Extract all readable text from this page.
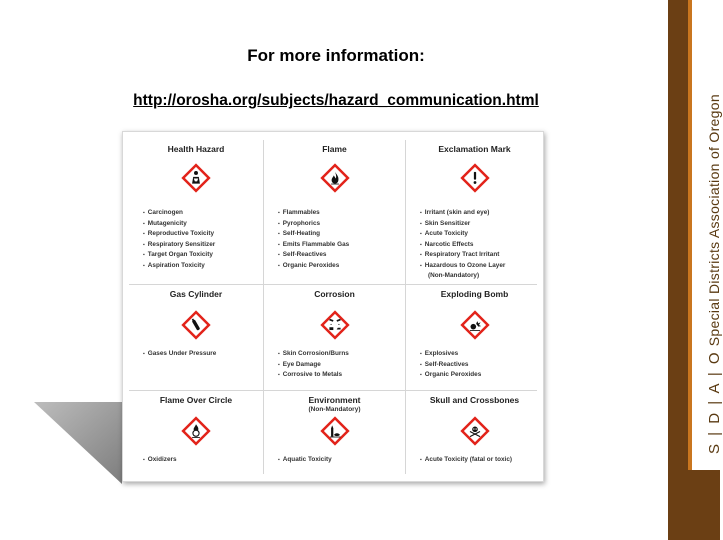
S | D | A | O Special Districts Association of Oregon
For more information:
http://orosha.org/subjects/hazard_communication.html
Health Hazard
▪ Carcinogen
▪ Mutagenicity
▪ Reproductive Toxicity
▪ Respiratory Sensitizer
▪ Target Organ Toxicity
▪ Aspiration Toxicity
Flame
▪ Flammables
▪ Pyrophorics
▪ Self-Heating
▪ Emits Flammable Gas
▪ Self-Reactives
▪ Organic Peroxides
Exclamation Mark
▪ Irritant (skin and eye)
▪ Skin Sensitizer
▪ Acute Toxicity
▪ Narcotic Effects
▪ Respiratory Tract Irritant
▪ Hazardous to Ozone Layer
(Non-Mandatory)
Gas Cylinder
▪ Gases Under Pressure
Corrosion
▪ Skin Corrosion/Burns
▪ Eye Damage
▪ Corrosive to Metals
Exploding Bomb
▪ Explosives
▪ Self-Reactives
▪ Organic Peroxides
Flame Over Circle
▪ Oxidizers
Environment
(Non-Mandatory)
▪ Aquatic Toxicity
Skull and Crossbones
▪ Acute Toxicity (fatal or toxic)
